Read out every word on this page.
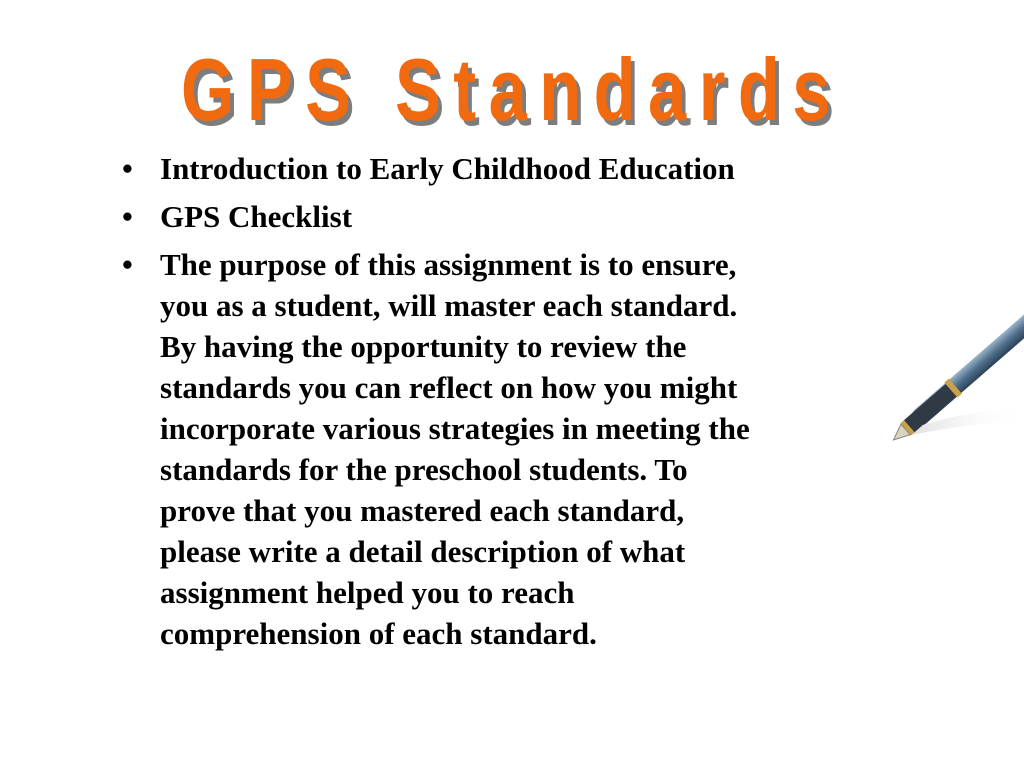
GPS Standards
• Introduction to Early Childhood Education
• GPS Checklist
• The purpose of this assignment is to ensure,
you as a student, will master each standard.
By having the opportunity to review the
standards you can reflect on how you might
incorporate various strategies in meeting the
standards for the preschool students. To
prove that you mastered each standard,
please write a detail description of what
assignment helped you to reach
comprehension of each standard.
